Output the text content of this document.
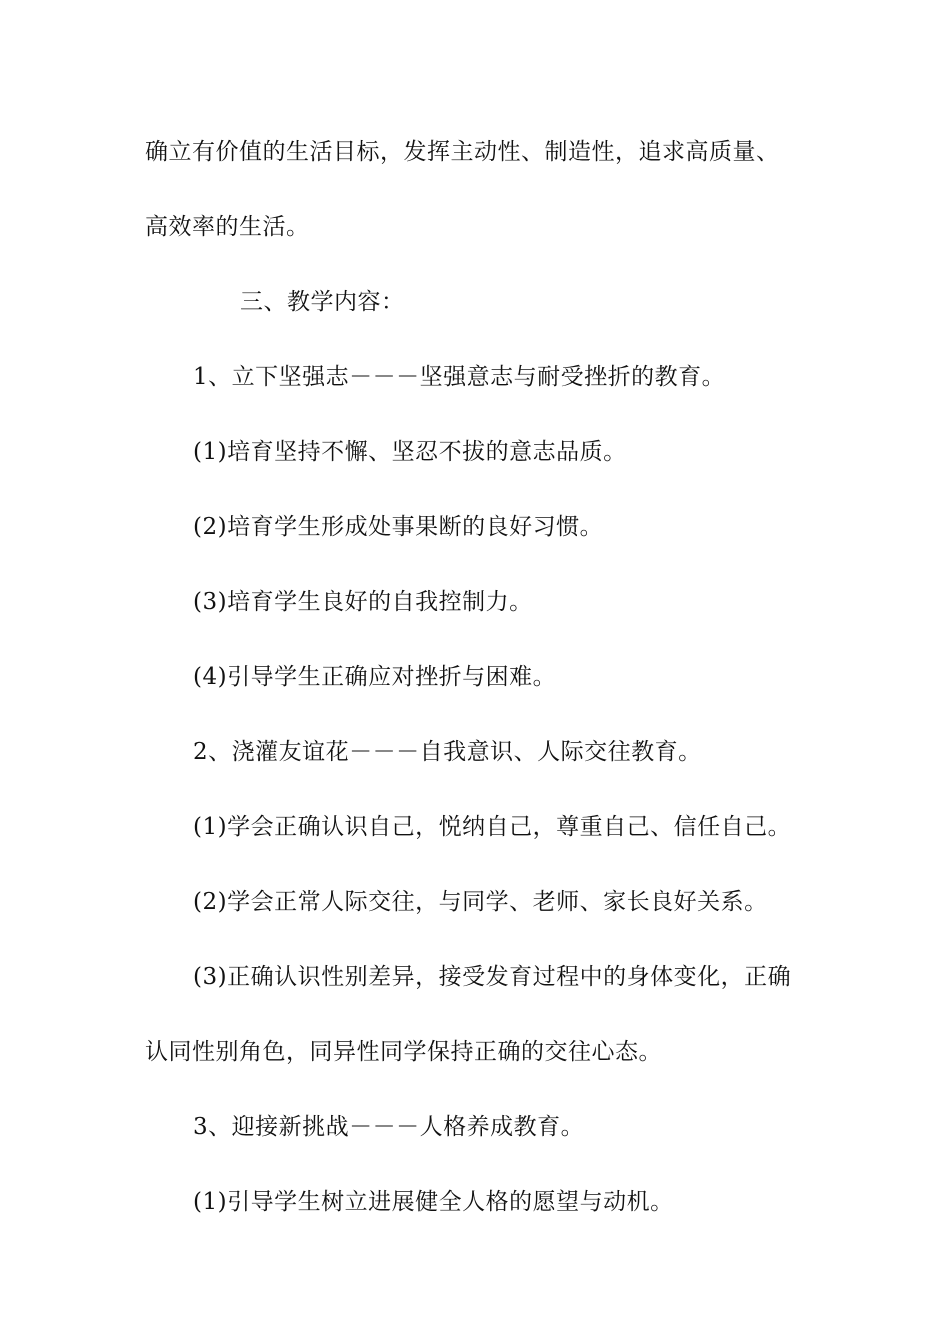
确立有价值的生活目标，发挥主动性、制造性，追求高质量、
高效率的生活。
三、教学内容：
1、立下坚强志－－－坚强意志与耐受挫折的教育。
(1)培育坚持不懈、坚忍不拔的意志品质。
(2)培育学生形成处事果断的良好习惯。
(3)培育学生良好的自我控制力。
(4)引导学生正确应对挫折与困难。
2、浇灌友谊花－－－自我意识、人际交往教育。
(1)学会正确认识自己，悦纳自己，尊重自己、信任自己。
(2)学会正常人际交往，与同学、老师、家长良好关系。
(3)正确认识性别差异，接受发育过程中的身体变化，正确
认同性别角色，同异性同学保持正确的交往心态。
3、迎接新挑战－－－人格养成教育。
(1)引导学生树立进展健全人格的愿望与动机。
